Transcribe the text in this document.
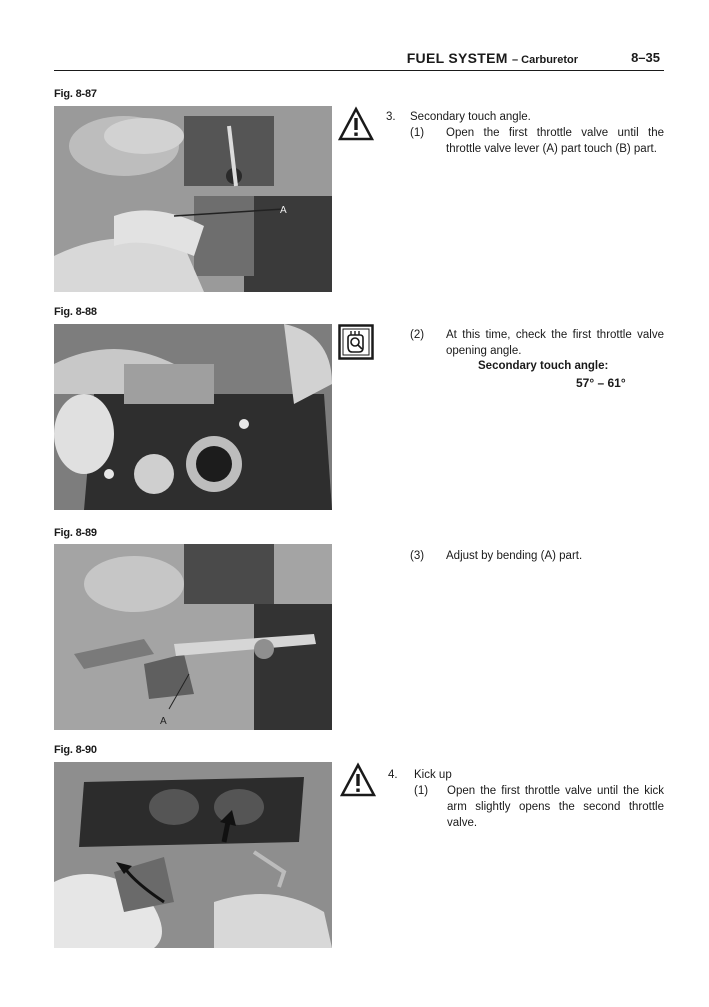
FUEL SYSTEM – Carburetor	8–35
Fig. 8-87
A
Fig. 8-88
Fig. 8-89
A
Fig. 8-90
3. Secondary touch angle.
(1) Open the first throttle valve until the throttle valve lever (A) part touch (B) part.
(2) At this time, check the first throttle valve opening angle.
Secondary touch angle:
57° – 61°
(3) Adjust by bending (A) part.
4. Kick up
(1) Open the first throttle valve until the kick arm slightly opens the second throttle valve.
